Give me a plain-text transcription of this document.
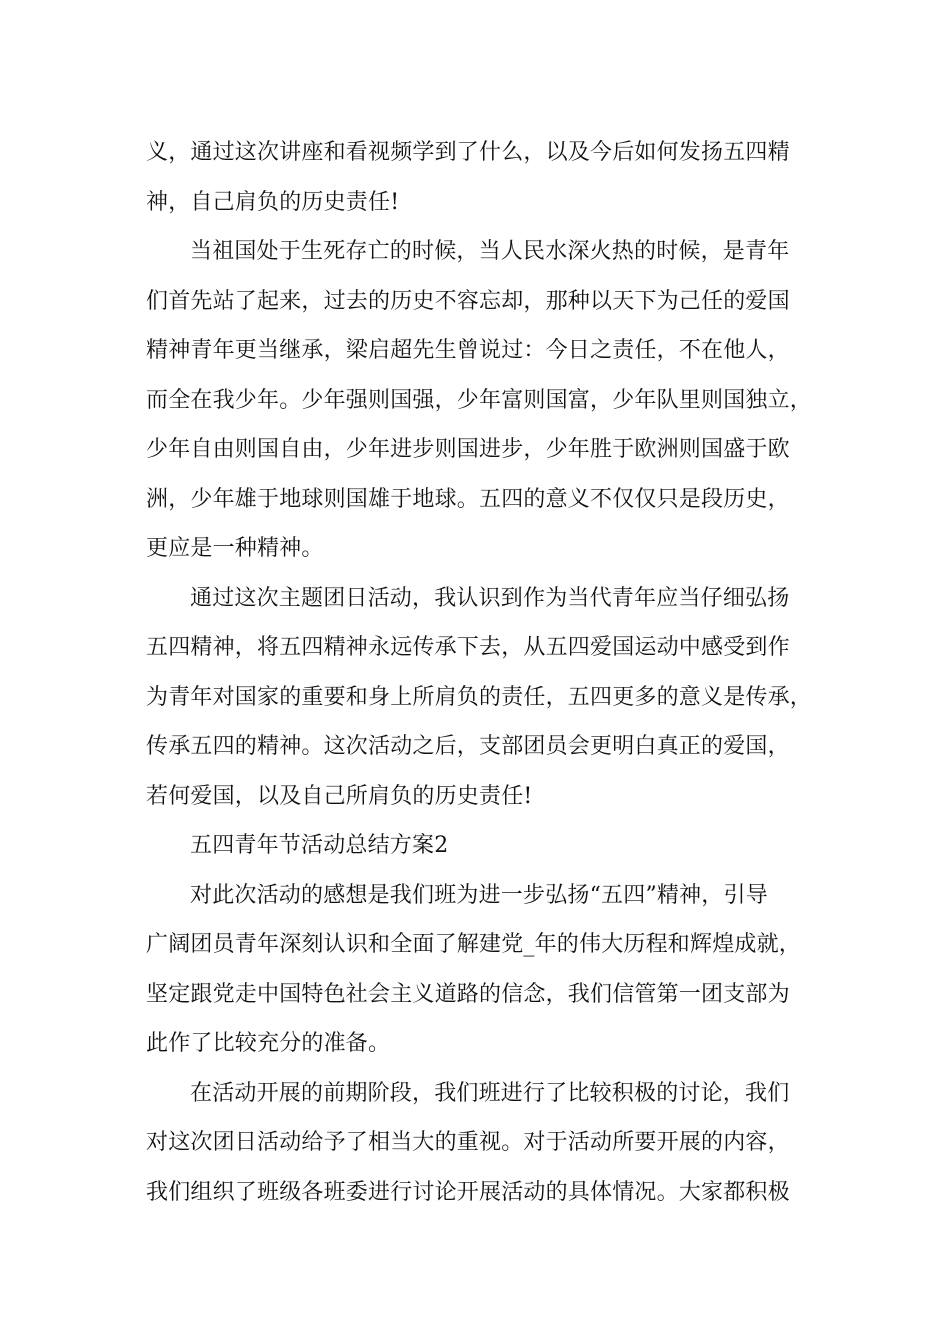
义，通过这次讲座和看视频学到了什么，以及今后如何发扬五四精
神，自己肩负的历史责任!
当祖国处于生死存亡的时候，当人民水深火热的时候，是青年
们首先站了起来，过去的历史不容忘却，那种以天下为己任的爱国
精神青年更当继承，梁启超先生曾说过：今日之责任，不在他人，
而全在我少年。少年强则国强，少年富则国富，少年队里则国独立，
少年自由则国自由，少年进步则国进步，少年胜于欧洲则国盛于欧
洲，少年雄于地球则国雄于地球。五四的意义不仅仅只是段历史，
更应是一种精神。
通过这次主题团日活动，我认识到作为当代青年应当仔细弘扬
五四精神，将五四精神永远传承下去，从五四爱国运动中感受到作
为青年对国家的重要和身上所肩负的责任，五四更多的意义是传承，
传承五四的精神。这次活动之后，支部团员会更明白真正的爱国，
若何爱国，以及自己所肩负的历史责任!
五四青年节活动总结方案2
对此次活动的感想是我们班为进一步弘扬“五四”精神，引导
广阔团员青年深刻认识和全面了解建党_年的伟大历程和辉煌成就，
坚定跟党走中国特色社会主义道路的信念，我们信管第一团支部为
此作了比较充分的准备。
在活动开展的前期阶段，我们班进行了比较积极的讨论，我们
对这次团日活动给予了相当大的重视。对于活动所要开展的内容，
我们组织了班级各班委进行讨论开展活动的具体情况。大家都积极
